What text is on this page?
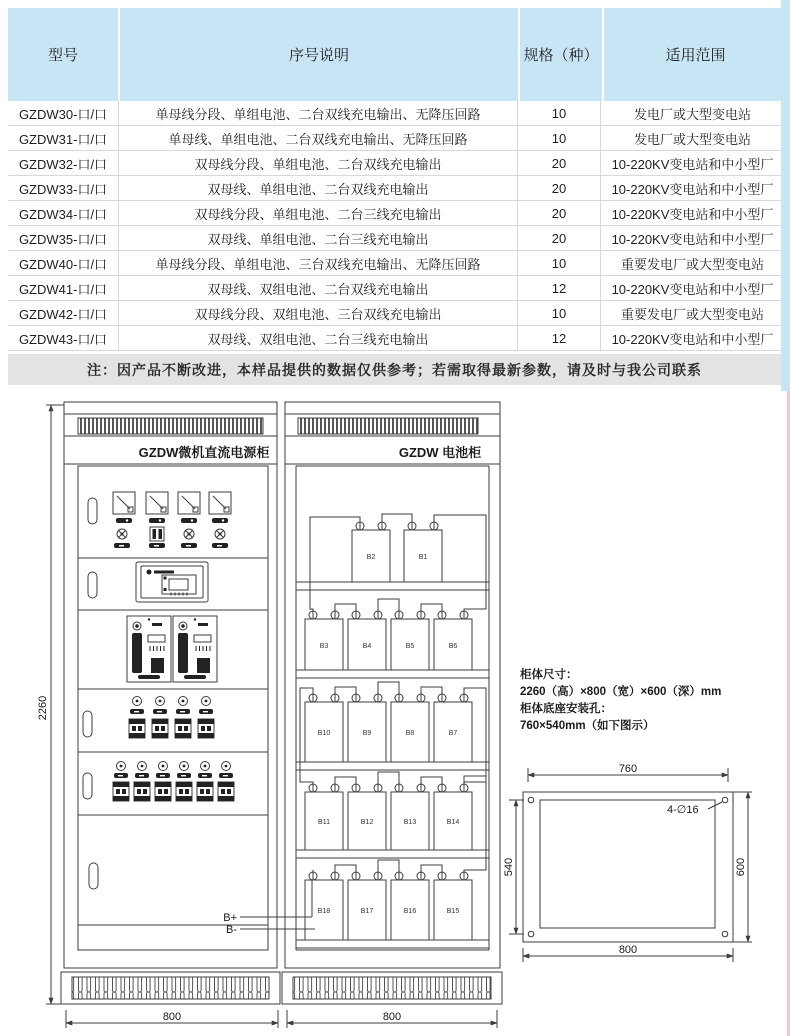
型号	序号说明	规格（种）	适用范围
GZDW30-口/口	单母线分段、单组电池、二台双线充电输出、无降压回路	10	发电厂或大型变电站
GZDW31-口/口	单母线、单组电池、二台双线充电输出、无降压回路	10	发电厂或大型变电站
GZDW32-口/口	双母线分段、单组电池、二台双线充电输出	20	10-220KV变电站和中小型厂
GZDW33-口/口	双母线、单组电池、二台双线充电输出	20	10-220KV变电站和中小型厂
GZDW34-口/口	双母线分段、单组电池、二台三线充电输出	20	10-220KV变电站和中小型厂
GZDW35-口/口	双母线、单组电池、二台三线充电输出	20	10-220KV变电站和中小型厂
GZDW40-口/口	单母线分段、单组电池、三台双线充电输出、无降压回路	10	重要发电厂或大型变电站
GZDW41-口/口	双母线、双组电池、二台双线充电输出	12	10-220KV变电站和中小型厂
GZDW42-口/口	双母线分段、双组电池、三台双线充电输出	10	重要发电厂或大型变电站
GZDW43-口/口	双母线、双组电池、二台三线充电输出	12	10-220KV变电站和中小型厂
注：因产品不断改进，本样品提供的数据仅供参考；若需取得最新参数，请及时与我公司联系
2260
GZDW微机直流电源柜
B+
B-
800
GZDW 电池柜
B2	B1
B3	B4	B5	B6
B10	B9	B8	B7
B11	B12	B13	B14
B18	B17	B16	B15
800
柜体尺寸：
2260（高）×800（宽）×600（深）mm
柜体底座安装孔：
760×540mm（如下图示）
760
540	600
800
4-∅16
